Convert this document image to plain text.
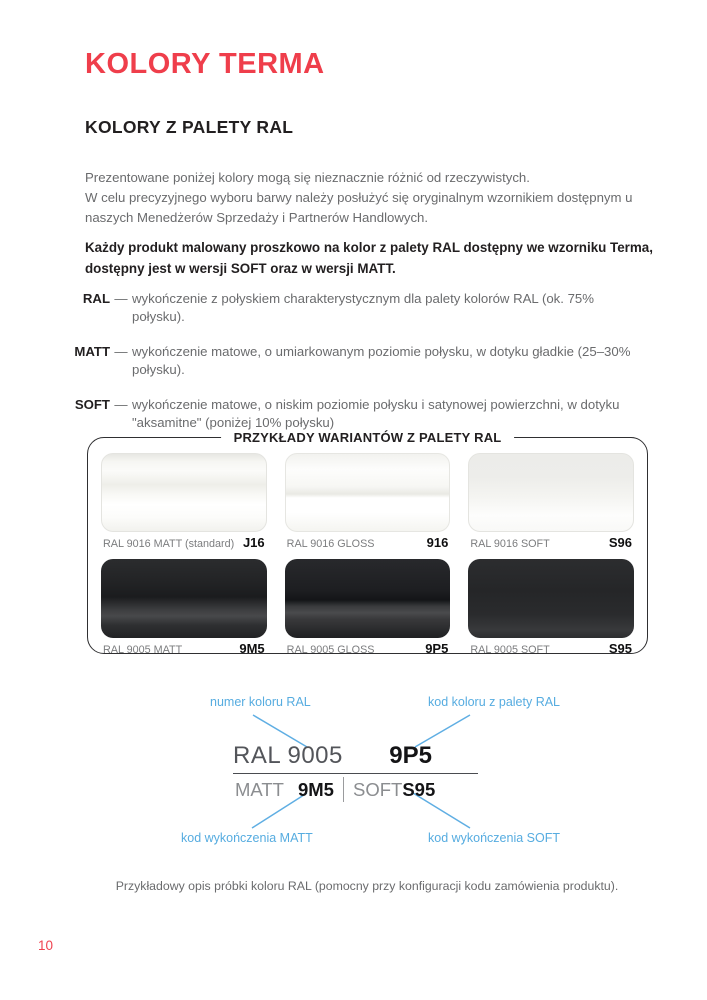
KOLORY TERMA
KOLORY Z PALETY RAL
Prezentowane poniżej kolory mogą się nieznacznie różnić od rzeczywistych.
W celu precyzyjnego wyboru barwy należy posłużyć się oryginalnym wzornikiem dostępnym u naszych Menedżerów Sprzedaży i Partnerów Handlowych.

Każdy produkt malowany proszkowo na kolor z palety RAL dostępny we wzorniku Terma, dostępny jest w wersji SOFT oraz w wersji MATT.

RAL — wykończenie z połyskiem charakterystycznym dla palety kolorów RAL (ok. 75% połysku).
MATT — wykończenie matowe, o umiarkowanym poziomie połysku, w dotyku gładkie (25–30% połysku).
SOFT — wykończenie matowe, o niskim poziomie połysku i satynowej powierzchni, w dotyku "aksamitne" (poniżej 10% połysku)
PRZYKŁADY WARIANTÓW Z PALETY RAL
RAL 9016 MATT (standard) J16 RAL 9016 GLOSS	916 RAL 9016 SOFT	S96
RAL 9005 MATT	9M5 RAL 9005 GLOSS	9P5 RAL 9005 SOFT	S95
numer koloru RAL	kod koloru z palety RAL
kod wykończenia MATT	kod wykończenia SOFT
RAL 9005 9P5
MATT 9M5 SOFT S95
Przykładowy opis próbki koloru RAL (pomocny przy konfiguracji kodu zamówienia produktu).
10
